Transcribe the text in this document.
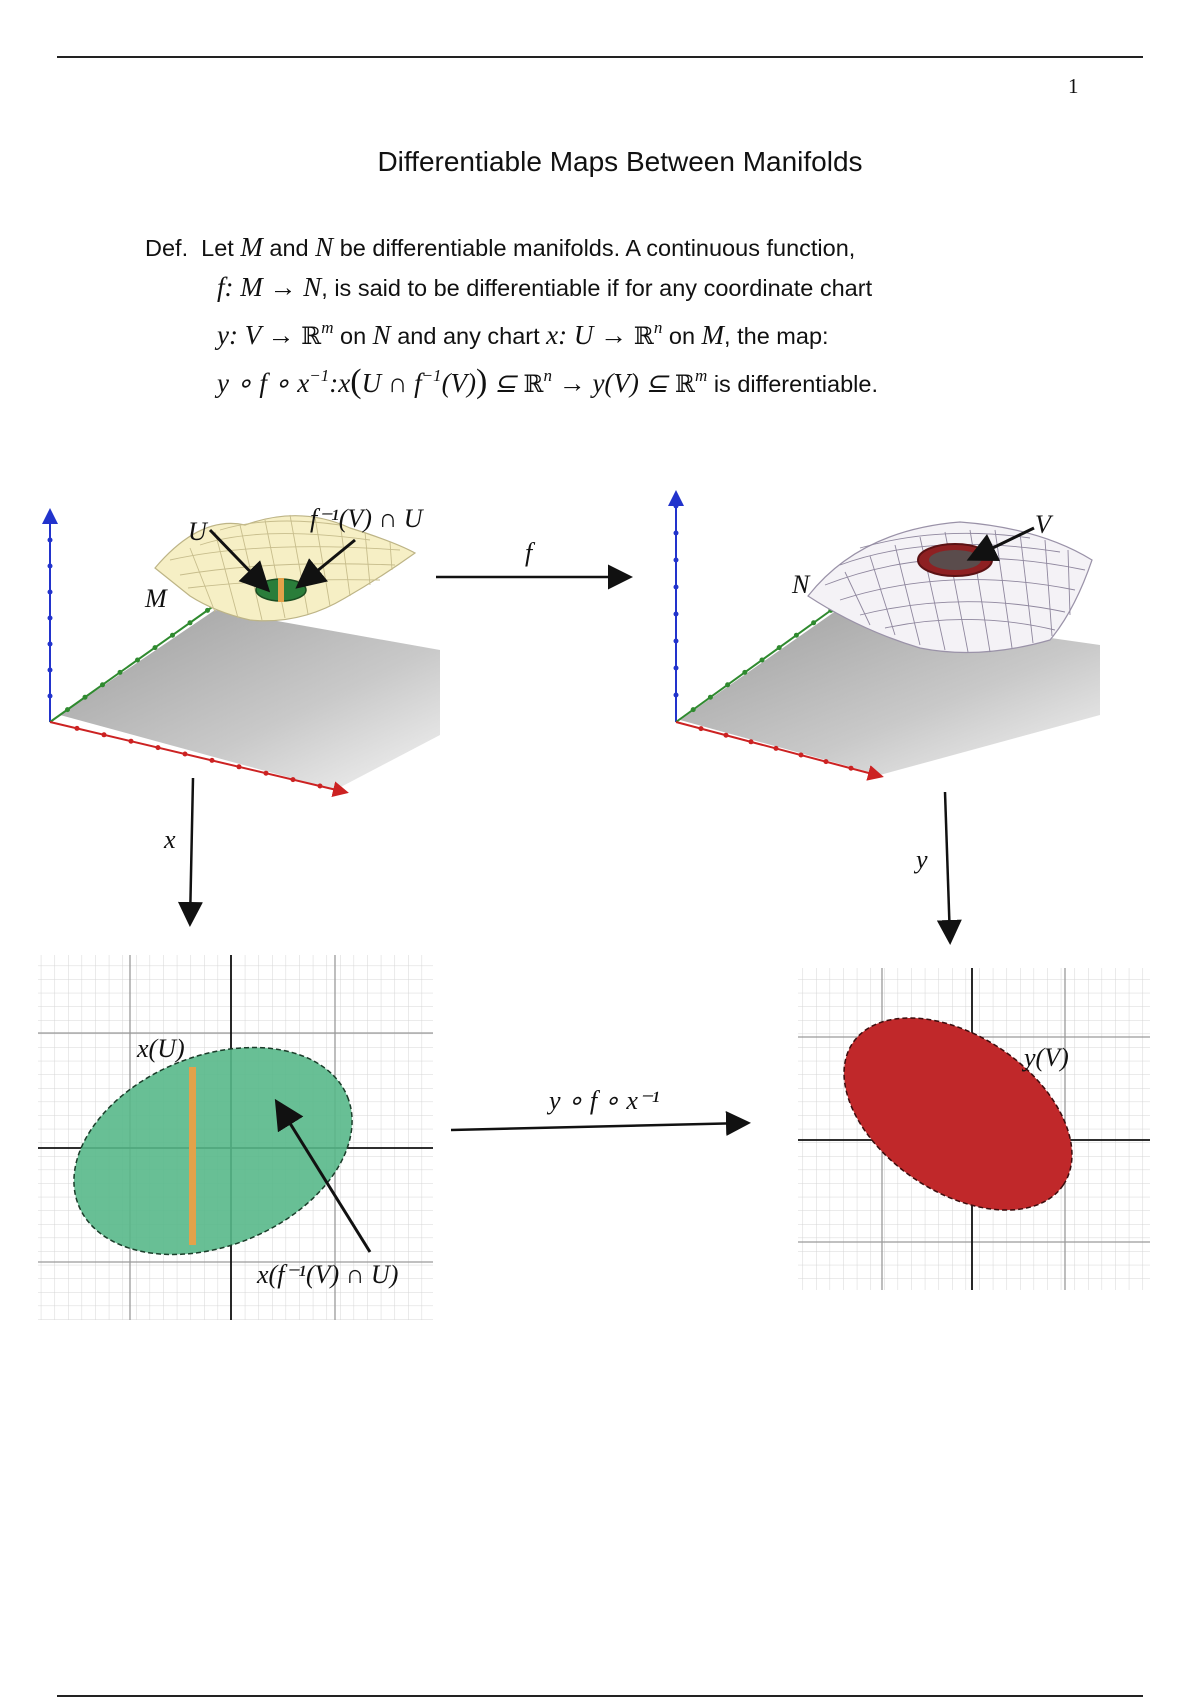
1
Differentiable Maps Between Manifolds
Def. Let M and N be differentiable manifolds. A continuous function,
f: M → N, is said to be differentiable if for any coordinate chart
y: V → ℝ$^m$ on N and any chart x: U → ℝ$^n$ on M, the map:
y ∘ f ∘ $x^{-1}:x(U$ ∩ $f^{-1}(V)$) ⊆ ℝ$^n$ → y(V) ⊆ ℝ$^m$ is differentiable.
U	f⁻¹(V) ∩ U
M
f
V
N
x
y
x(U)
x(f⁻¹(V) ∩ U)
y ∘ f ∘ x⁻¹
y(V)
